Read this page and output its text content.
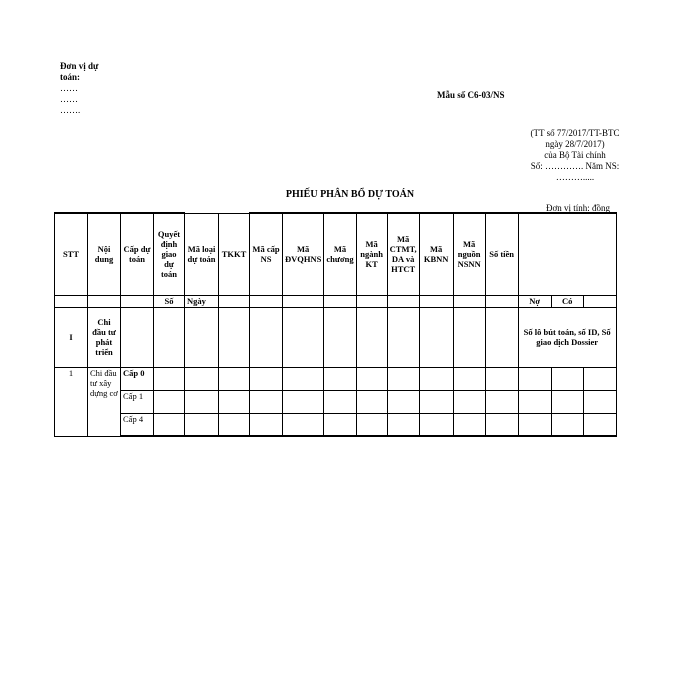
Đơn vị dự toán:
……
……
…….
Mẫu số C6-03/NS
(TT số 77/2017/TT-BTC
ngày 28/7/2017)
của Bộ Tài chính
Số: …………. Năm NS:
……….....
PHIẾU PHÂN BỔ DỰ TOÁN
Đơn vị tính: đồng
STT	Nội dung	Cấp dự toán	Quyết định giao dự toán	Mã loại dự toán	TKKT	Mã cấp NS	Mã ĐVQHNS	Mã chương	Mã ngành KT	Mã CTMT, DA và HTCT	Mã KBNN	Mã nguồn NSNN	Số tiền			
			Số	Ngày										Nợ	Có	
I	Chi đầu tư phát triển													Số lô bút toán, số ID, Số giao dịch Dossier		
1	Chi đầu tư xây dựng cơ	Cấp 0														
		Cấp 1														
		Cấp 4														
